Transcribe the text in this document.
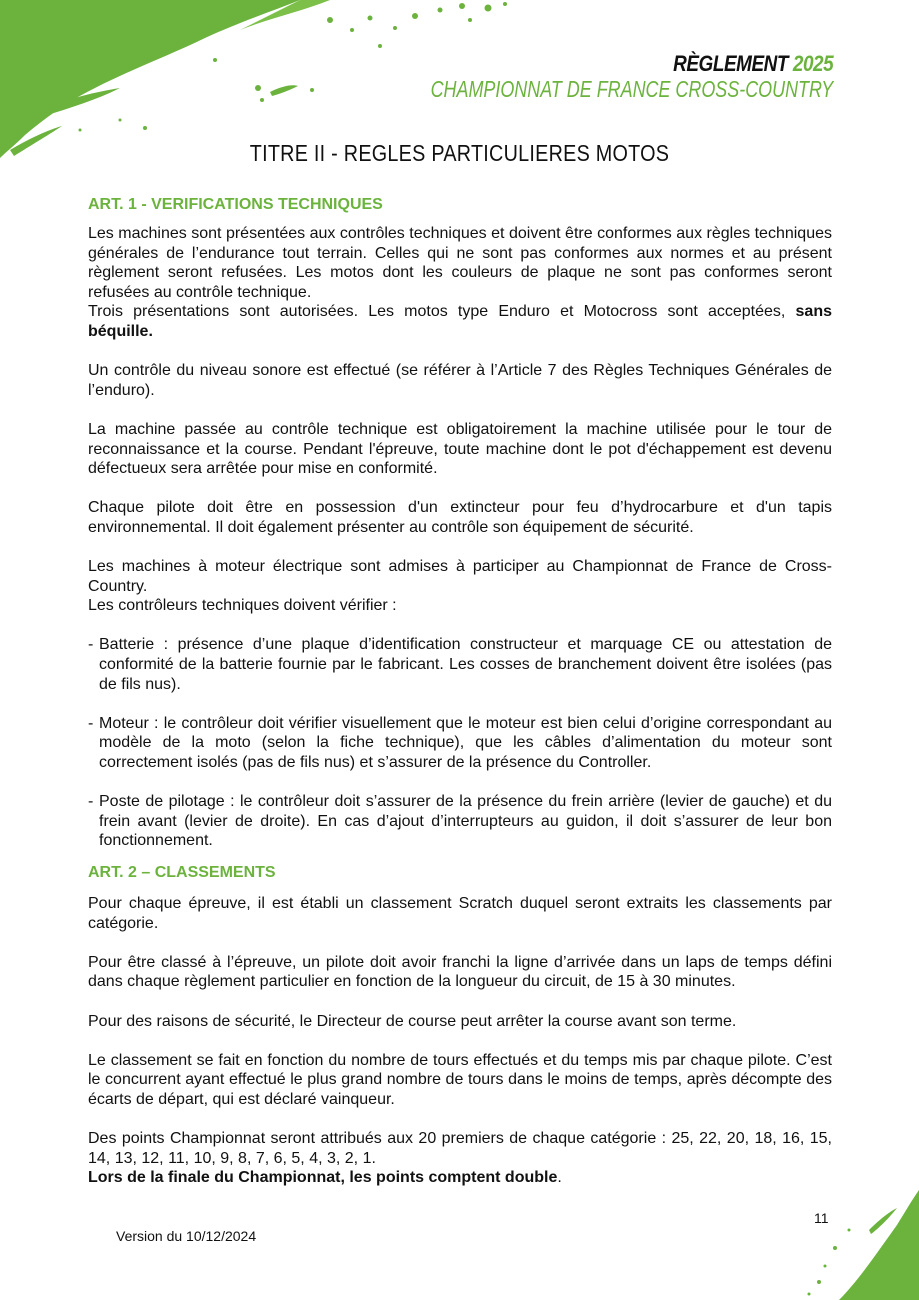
RÈGLEMENT 2025
CHAMPIONNAT DE FRANCE CROSS-COUNTRY
TITRE II - REGLES PARTICULIERES MOTOS
ART. 1 - VERIFICATIONS TECHNIQUES

Les machines sont présentées aux contrôles techniques et doivent être conformes aux règles techniques générales de l’endurance tout terrain. Celles qui ne sont pas conformes aux normes et au présent règlement seront refusées. Les motos dont les couleurs de plaque ne sont pas conformes seront refusées au contrôle technique.

Trois présentations sont autorisées. Les motos type Enduro et Motocross sont acceptées, sans béquille.

Un contrôle du niveau sonore est effectué (se référer à l’Article 7 des Règles Techniques Générales de l’enduro).

La machine passée au contrôle technique est obligatoirement la machine utilisée pour le tour de reconnaissance et la course. Pendant l'épreuve, toute machine dont le pot d'échappement est devenu défectueux sera arrêtée pour mise en conformité.

Chaque pilote doit être en possession d'un extincteur pour feu d’hydrocarbure et d'un tapis environnemental. Il doit également présenter au contrôle son équipement de sécurité.

Les machines à moteur électrique sont admises à participer au Championnat de France de Cross-Country.

Les contrôleurs techniques doivent vérifier :

- Batterie : présence d’une plaque d’identification constructeur et marquage CE ou attestation de conformité de la batterie fournie par le fabricant. Les cosses de branchement doivent être isolées (pas de fils nus).

- Moteur : le contrôleur doit vérifier visuellement que le moteur est bien celui d’origine correspondant au modèle de la moto (selon la fiche technique), que les câbles d’alimentation du moteur sont correctement isolés (pas de fils nus) et s’assurer de la présence du Controller.

- Poste de pilotage : le contrôleur doit s’assurer de la présence du frein arrière (levier de gauche) et du frein avant (levier de droite). En cas d’ajout d’interrupteurs au guidon, il doit s’assurer de leur bon fonctionnement.

ART. 2 – CLASSEMENTS

Pour chaque épreuve, il est établi un classement Scratch duquel seront extraits les classements par catégorie.

Pour être classé à l’épreuve, un pilote doit avoir franchi la ligne d’arrivée dans un laps de temps défini dans chaque règlement particulier en fonction de la longueur du circuit, de 15 à 30 minutes.

Pour des raisons de sécurité, le Directeur de course peut arrêter la course avant son terme.

Le classement se fait en fonction du nombre de tours effectués et du temps mis par chaque pilote. C’est le concurrent ayant effectué le plus grand nombre de tours dans le moins de temps, après décompte des écarts de départ, qui est déclaré vainqueur.

Des points Championnat seront attribués aux 20 premiers de chaque catégorie : 25, 22, 20, 18, 16, 15, 14, 13, 12, 11, 10, 9, 8, 7, 6, 5, 4, 3, 2, 1.

Lors de la finale du Championnat, les points comptent double.

Version du 10/12/2024
11
